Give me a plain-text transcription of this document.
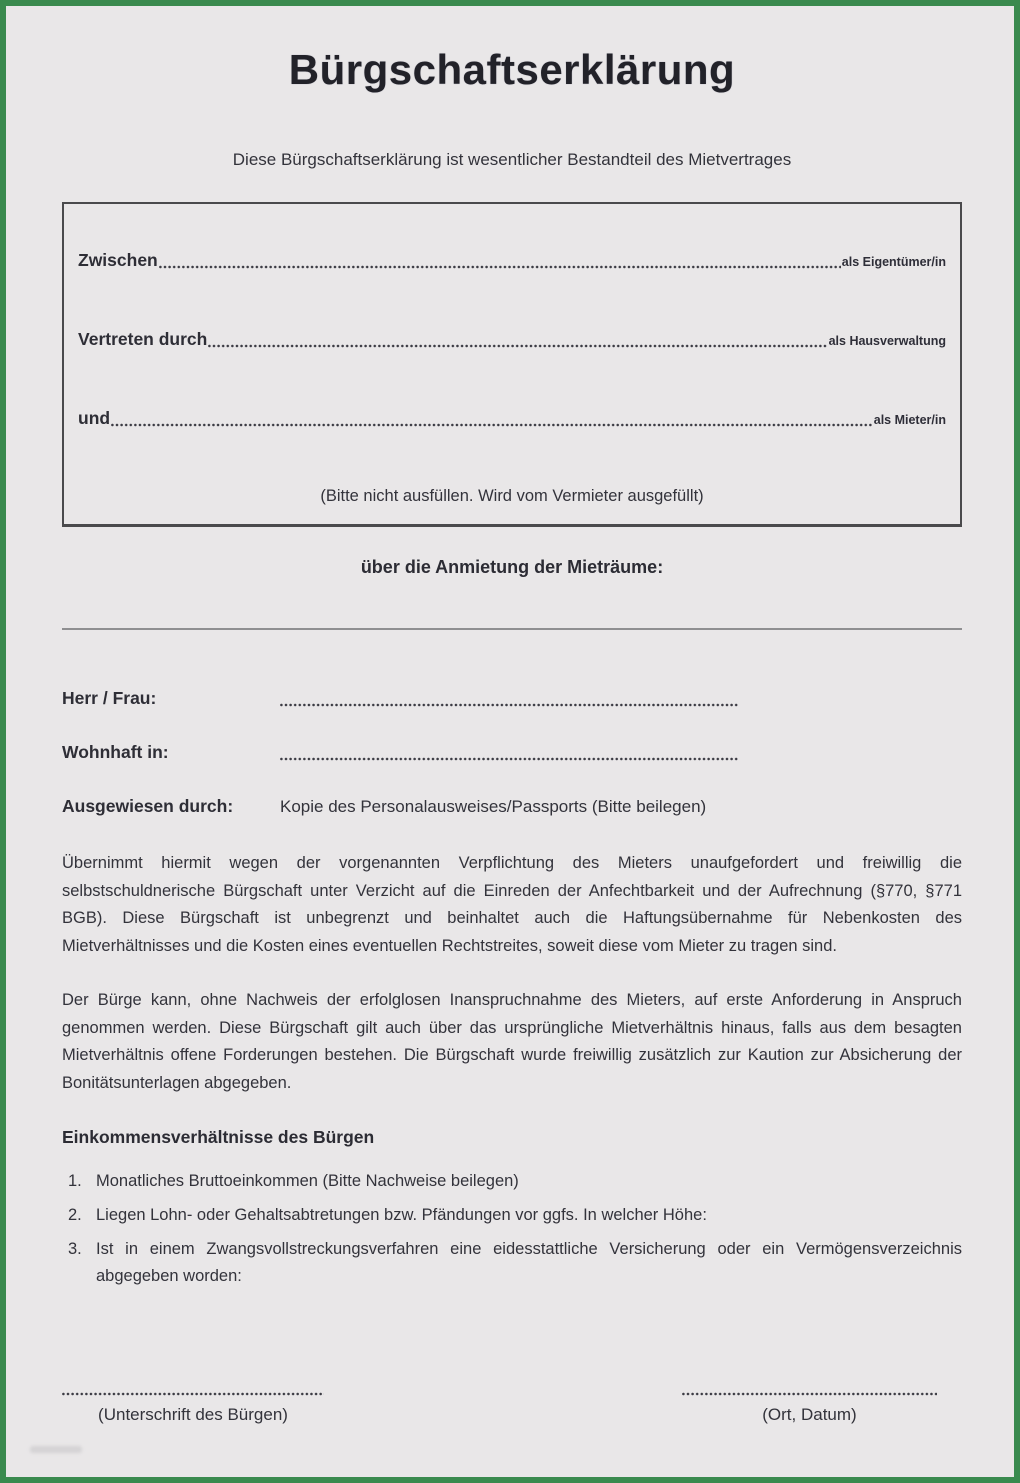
Bürgschaftserklärung
Diese Bürgschaftserklärung ist wesentlicher Bestandteil des Mietvertrages
Zwischen	als Eigentümer/in
Vertreten durch	als Hausverwaltung
und	als Mieter/in
(Bitte nicht ausfüllen. Wird vom Vermieter ausgefüllt)
über die Anmietung der Mieträume:
Herr / Frau:
Wohnhaft in:
Ausgewiesen durch:	Kopie des Personalausweises/Passports (Bitte beilegen)

Übernimmt hiermit wegen der vorgenannten Verpflichtung des Mieters unaufgefordert und freiwillig die selbstschuldnerische Bürgschaft unter Verzicht auf die Einreden der Anfechtbarkeit und der Aufrechnung (§770, §771 BGB). Diese Bürgschaft ist unbegrenzt und beinhaltet auch die Haftungsübernahme für Nebenkosten des Mietverhältnisses und die Kosten eines eventuellen Rechtstreites, soweit diese vom Mieter zu tragen sind.

Der Bürge kann, ohne Nachweis der erfolglosen Inanspruchnahme des Mieters, auf erste Anforderung in Anspruch genommen werden. Diese Bürgschaft gilt auch über das ursprüngliche Mietverhältnis hinaus, falls aus dem besagten Mietverhältnis offene Forderungen bestehen. Die Bürgschaft wurde freiwillig zusätzlich zur Kaution zur Absicherung der Bonitätsunterlagen abgegeben.

Einkommensverhältnisse des Bürgen
1. Monatliches Bruttoeinkommen (Bitte Nachweise beilegen)
2. Liegen Lohn- oder Gehaltsabtretungen bzw. Pfändungen vor ggfs. In welcher Höhe:
3. Ist in einem Zwangsvollstreckungsverfahren eine eidesstattliche Versicherung oder ein Vermögensverzeichnis abgegeben worden:
(Unterschrift des Bürgen)	(Ort, Datum)
